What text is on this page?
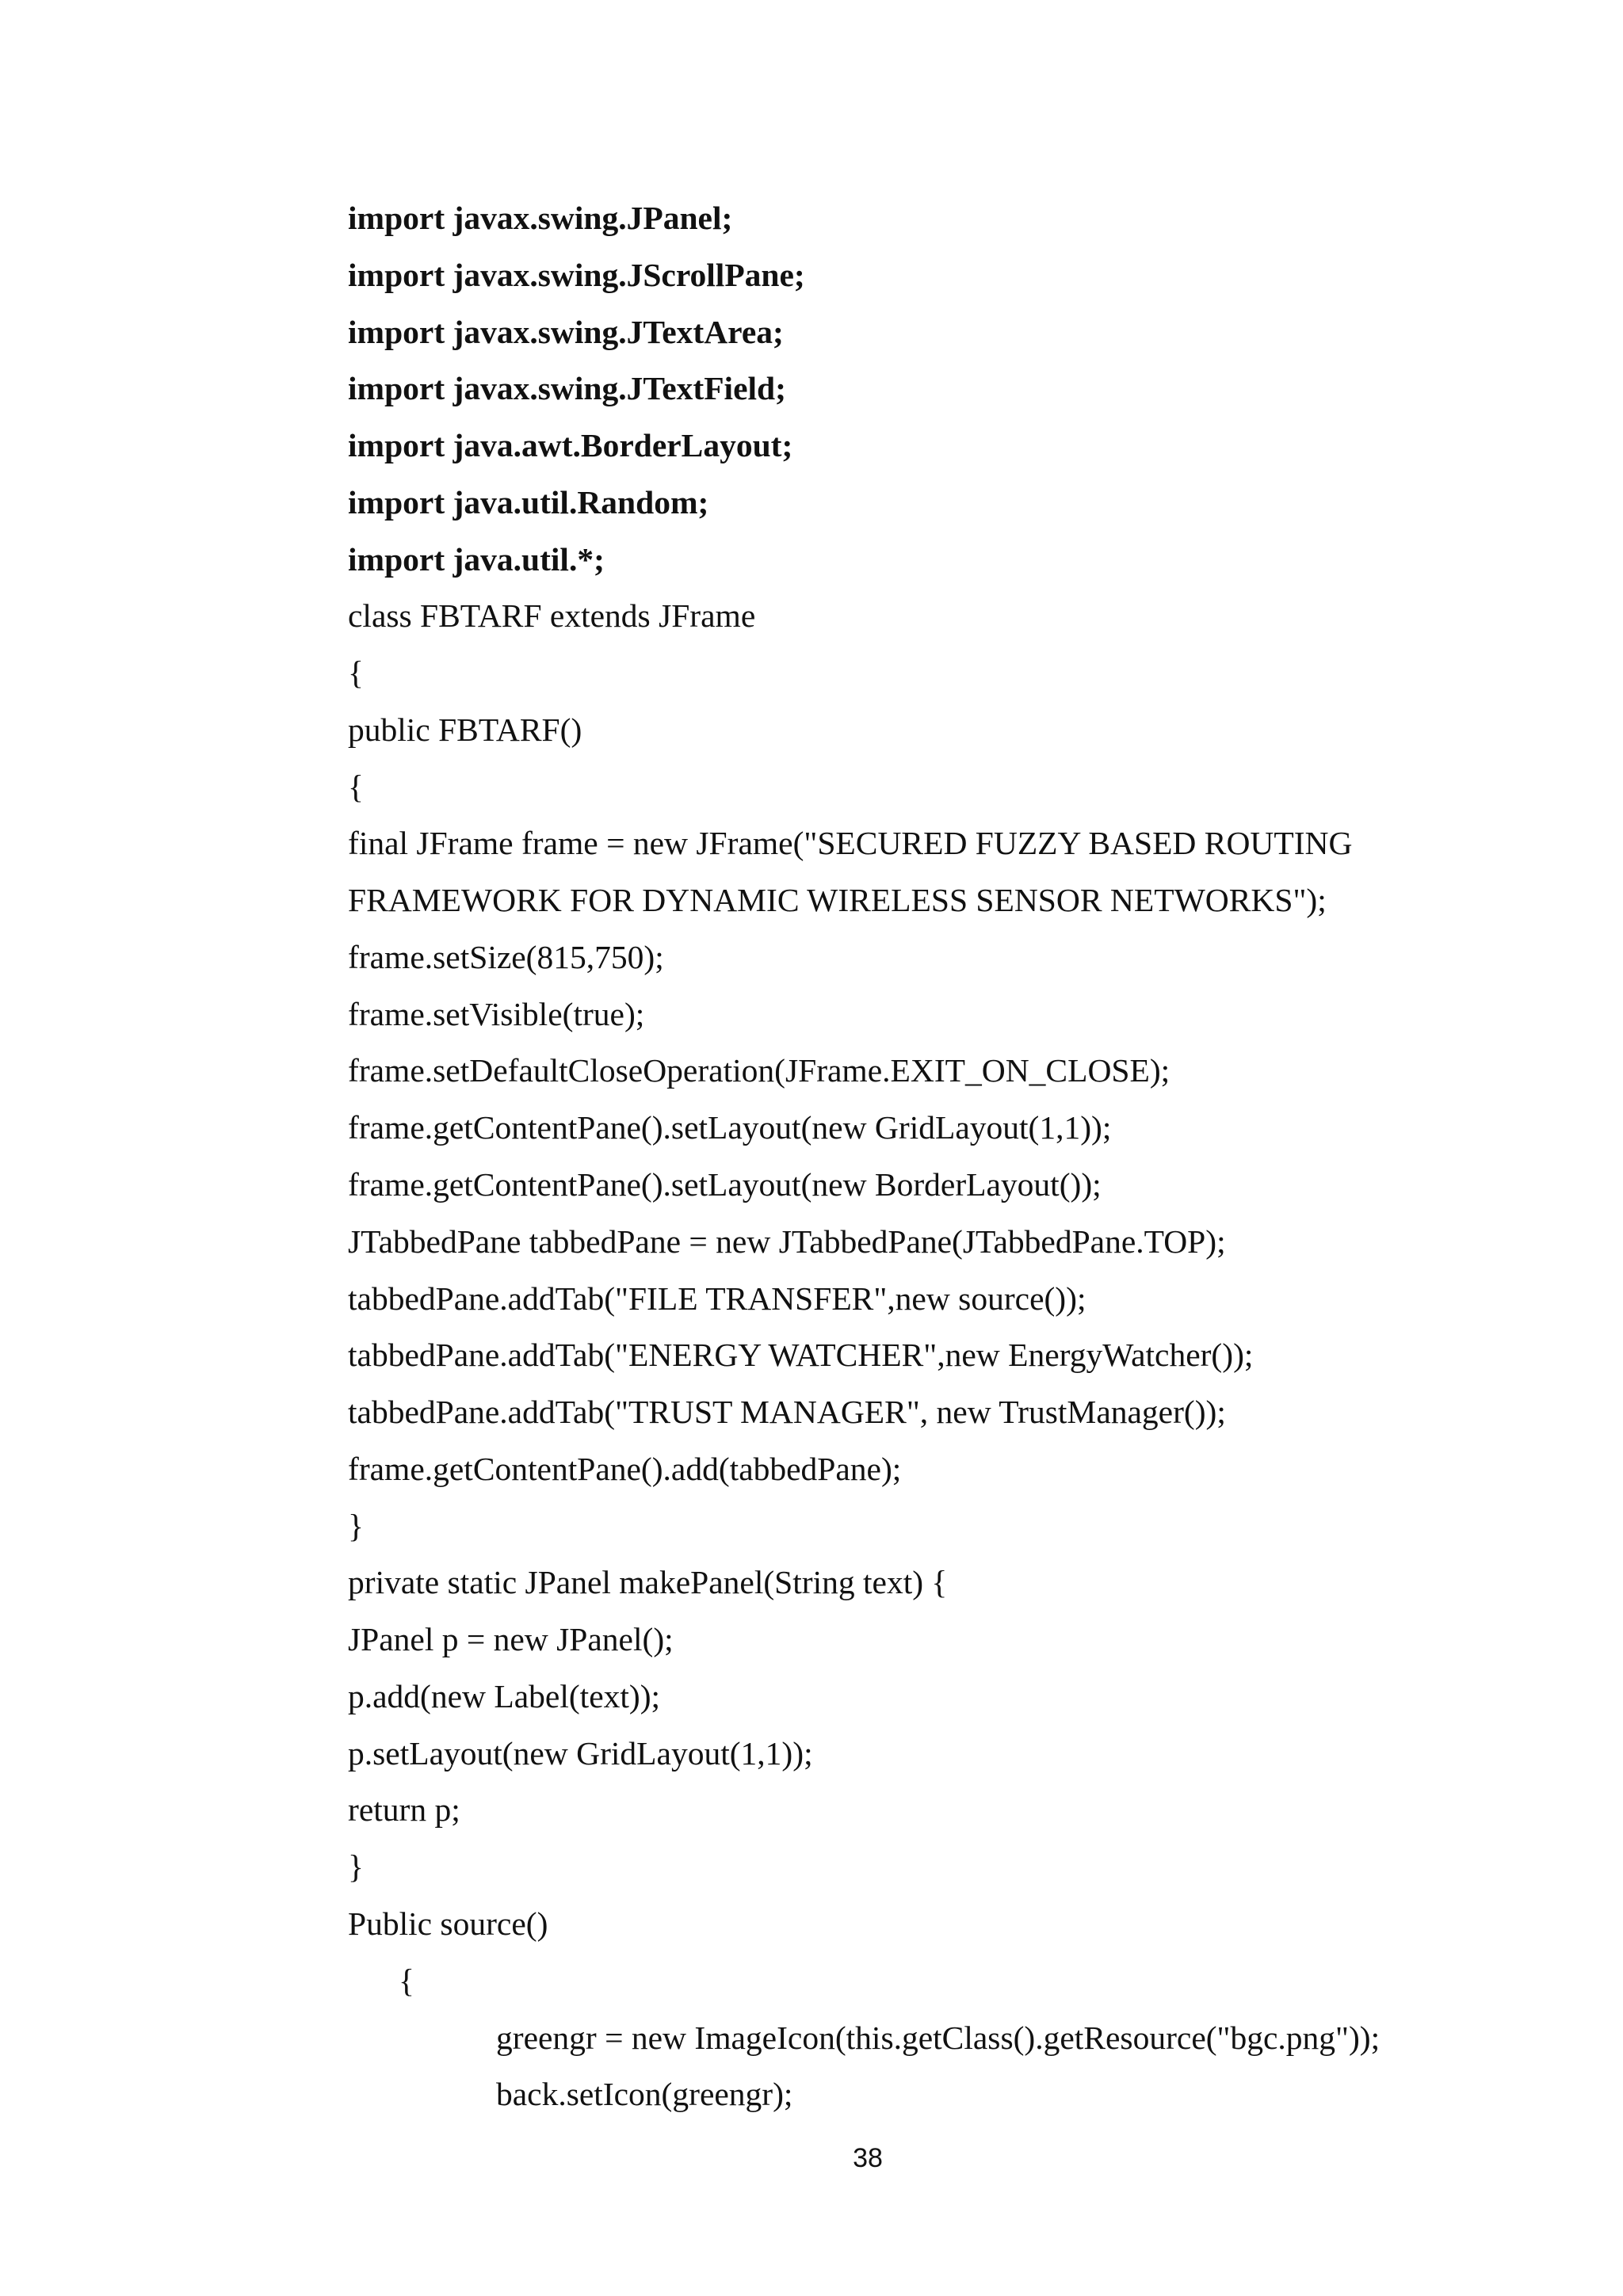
import javax.swing.JPanel;
import javax.swing.JScrollPane;
import javax.swing.JTextArea;
import javax.swing.JTextField;
import java.awt.BorderLayout;
import java.util.Random;
import java.util.*;
class FBTARF extends JFrame
{
public FBTARF()
{
final JFrame frame = new JFrame("SECURED FUZZY BASED ROUTING
FRAMEWORK FOR DYNAMIC WIRELESS SENSOR NETWORKS");
frame.setSize(815,750);
frame.setVisible(true);
frame.setDefaultCloseOperation(JFrame.EXIT_ON_CLOSE);
frame.getContentPane().setLayout(new GridLayout(1,1));
frame.getContentPane().setLayout(new BorderLayout());
JTabbedPane tabbedPane = new JTabbedPane(JTabbedPane.TOP);
tabbedPane.addTab("FILE TRANSFER",new source());
tabbedPane.addTab("ENERGY WATCHER",new EnergyWatcher());
tabbedPane.addTab("TRUST MANAGER", new TrustManager());
frame.getContentPane().add(tabbedPane);
}
private static JPanel makePanel(String text) {
JPanel p = new JPanel();
p.add(new Label(text));
p.setLayout(new GridLayout(1,1));
return p;
}
Public source()
{
greengr = new ImageIcon(this.getClass().getResource("bgc.png"));
back.setIcon(greengr);
38
